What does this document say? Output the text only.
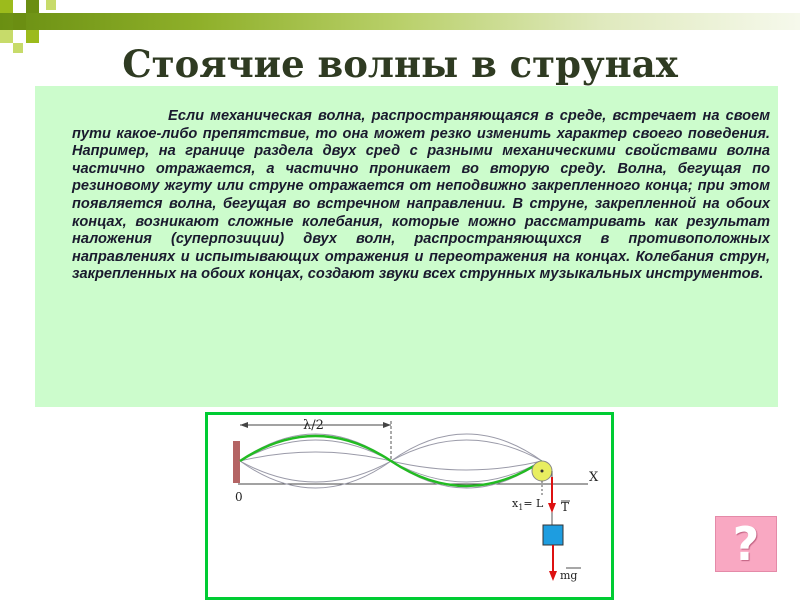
Стоячие волны в струнах

Если механическая волна, распространяющаяся в среде, встречает на своем пути какое-либо препятствие, то она может резко изменить характер своего поведения. Например, на границе раздела двух сред с разными механическими свойствами волна частично отражается, а частично проникает во вторую среду. Волна, бегущая по резиновому жгуту или струне отражается от неподвижно закрепленного конца; при этом появляется волна, бегущая во встречном направлении. В струне, закрепленной на обоих концах, возникают сложные колебания, которые можно рассматривать как результат наложения (суперпозиции) двух волн, распространяющихся в противоположных направлениях и испытывающих отражения и переотражения на концах. Колебания струн, закрепленных на обоих концах, создают звуки всех струнных музыкальных инструментов.

λ/2
X
0	$x_1= L$ T
mg
?
